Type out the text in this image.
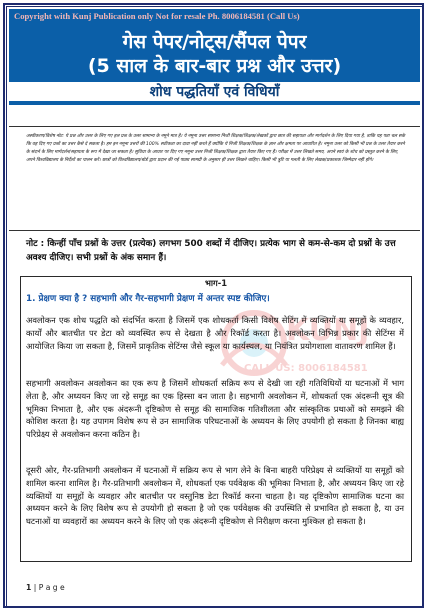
Copyright with Kunj Publication only Not for resale Ph. 8006184581 (Call Us)
गेस पेपर/नोट्स/सैंपल पेपर
(5 साल के बार-बार प्रश्न और उत्तर)
शोध पद्धतियाँ एवं विधियाँ
अस्वीकरण/विशेष नोट: ये प्रश्न और उत्तर के लिए गए हल प्रश्न के उत्तर सामान्य के नमूने मात्र है। ये नमूना उत्तर सामान्य निजी शिक्षक/शिक्षक/लेखकों द्वारा छात्र की सहायता और मार्गदर्शन के लिए दिया गया है, ताकि यह पता चल सके कि वह दिए गए प्रश्नों का उत्तर कैसे दे सकता है। हम इन नमूना उत्तरों की 100% सटीकता का दावा नहीं करते हैं क्योंकि ये निजी शिक्षक/शिक्षक के ज्ञान और क्षमता पर आधारित है। नमूना उत्तर को किसी भी प्रश्न के उत्तर तैयार करने के संदर्भ के लिए मार्गदर्शन/सहायता के रूप में देखा जा सकता है। सुविधा के आधार पर दिए गए नमूना उत्तर निजी शिक्षक/शिक्षक द्वारा तैयार किए गए हैं। परीक्षा में उत्तर लिखते समय, अपने स्वयं के शोध को प्रस्तुत करने के लिए, अपने विश्वविद्यालय के निर्देशों का पालन करें। छात्रों को विश्वविद्यालय/बोर्ड द्वारा प्रदान की गई पाठ्य सामग्री के अनुसार ही उत्तर लिखने चाहिए। किसी भी त्रुटि या गलती के लिए लेखक/प्रकाशक जिम्मेदार नहीं होंगे।
नोट : किन्हीं पाँच प्रश्नों के उत्तर (प्रत्येक) लगभग 500 शब्दों में दीजिए। प्रत्येक भाग से कम-से-कम दो प्रश्नों के उत्त अवश्य दीजिए। सभी प्रश्नों के अंक समान हैं।
KUNJ
CALL US: 8006184581
भाग-1
1. प्रेक्षण क्या है ? सहभागी और गैर-सहभागी प्रेक्षण में अन्तर स्पष्ट कीजिए।
अवलोकन एक शोध पद्धति को संदर्भित करता है जिसमें एक शोधकर्ता किसी विशेष सेटिंग में व्यक्तियों या समूहों के व्यवहार, कार्यों और बातचीत पर डेटा को व्यवस्थित रूप से देखता है और रिकॉर्ड करता है। अवलोकन विभिन्न प्रकार की सेटिंग्स में आयोजित किया जा सकता है, जिसमें प्राकृतिक सेटिंग्स जैसे स्कूल या कार्यस्थल, या नियंत्रित प्रयोगशाला वातावरण शामिल हैं।
सहभागी अवलोकन अवलोकन का एक रूप है जिसमें शोधकर्ता सक्रिय रूप से देखी जा रही गतिविधियों या घटनाओं में भाग लेता है, और अध्ययन किए जा रहे समूह का एक हिस्सा बन जाता है। सहभागी अवलोकन में, शोधकर्ता एक अंदरूनी सूत्र की भूमिका निभाता है, और एक अंदरूनी दृष्टिकोण से समूह की सामाजिक गतिशीलता और सांस्कृतिक प्रथाओं को समझने की कोशिश करता है। यह उपागम विशेष रूप से उन सामाजिक परिघटनाओं के अध्ययन के लिए उपयोगी हो सकता है जिनका बाह्य परिप्रेक्ष्य से अवलोकन करना कठिन है।
दूसरी ओर, गैर-प्रतिभागी अवलोकन में घटनाओं में सक्रिय रूप से भाग लेने के बिना बाहरी परिप्रेक्ष्य से व्यक्तियों या समूहों को शामिल करना शामिल है। गैर-प्रतिभागी अवलोकन में, शोधकर्ता एक पर्यवेक्षक की भूमिका निभाता है, और अध्ययन किए जा रहे व्यक्तियों या समूहों के व्यवहार और बातचीत पर वस्तुनिष्ठ डेटा रिकॉर्ड करना चाहता है। यह दृष्टिकोण सामाजिक घटना का अध्ययन करने के लिए विशेष रूप से उपयोगी हो सकता है जो एक पर्यवेक्षक की उपस्थिति से प्रभावित हो सकता है, या उन घटनाओं या व्यवहारों का अध्ययन करने के लिए जो एक अंदरूनी दृष्टिकोण से निरीक्षण करना मुश्किल हो सकता है।
1 | P a g e
